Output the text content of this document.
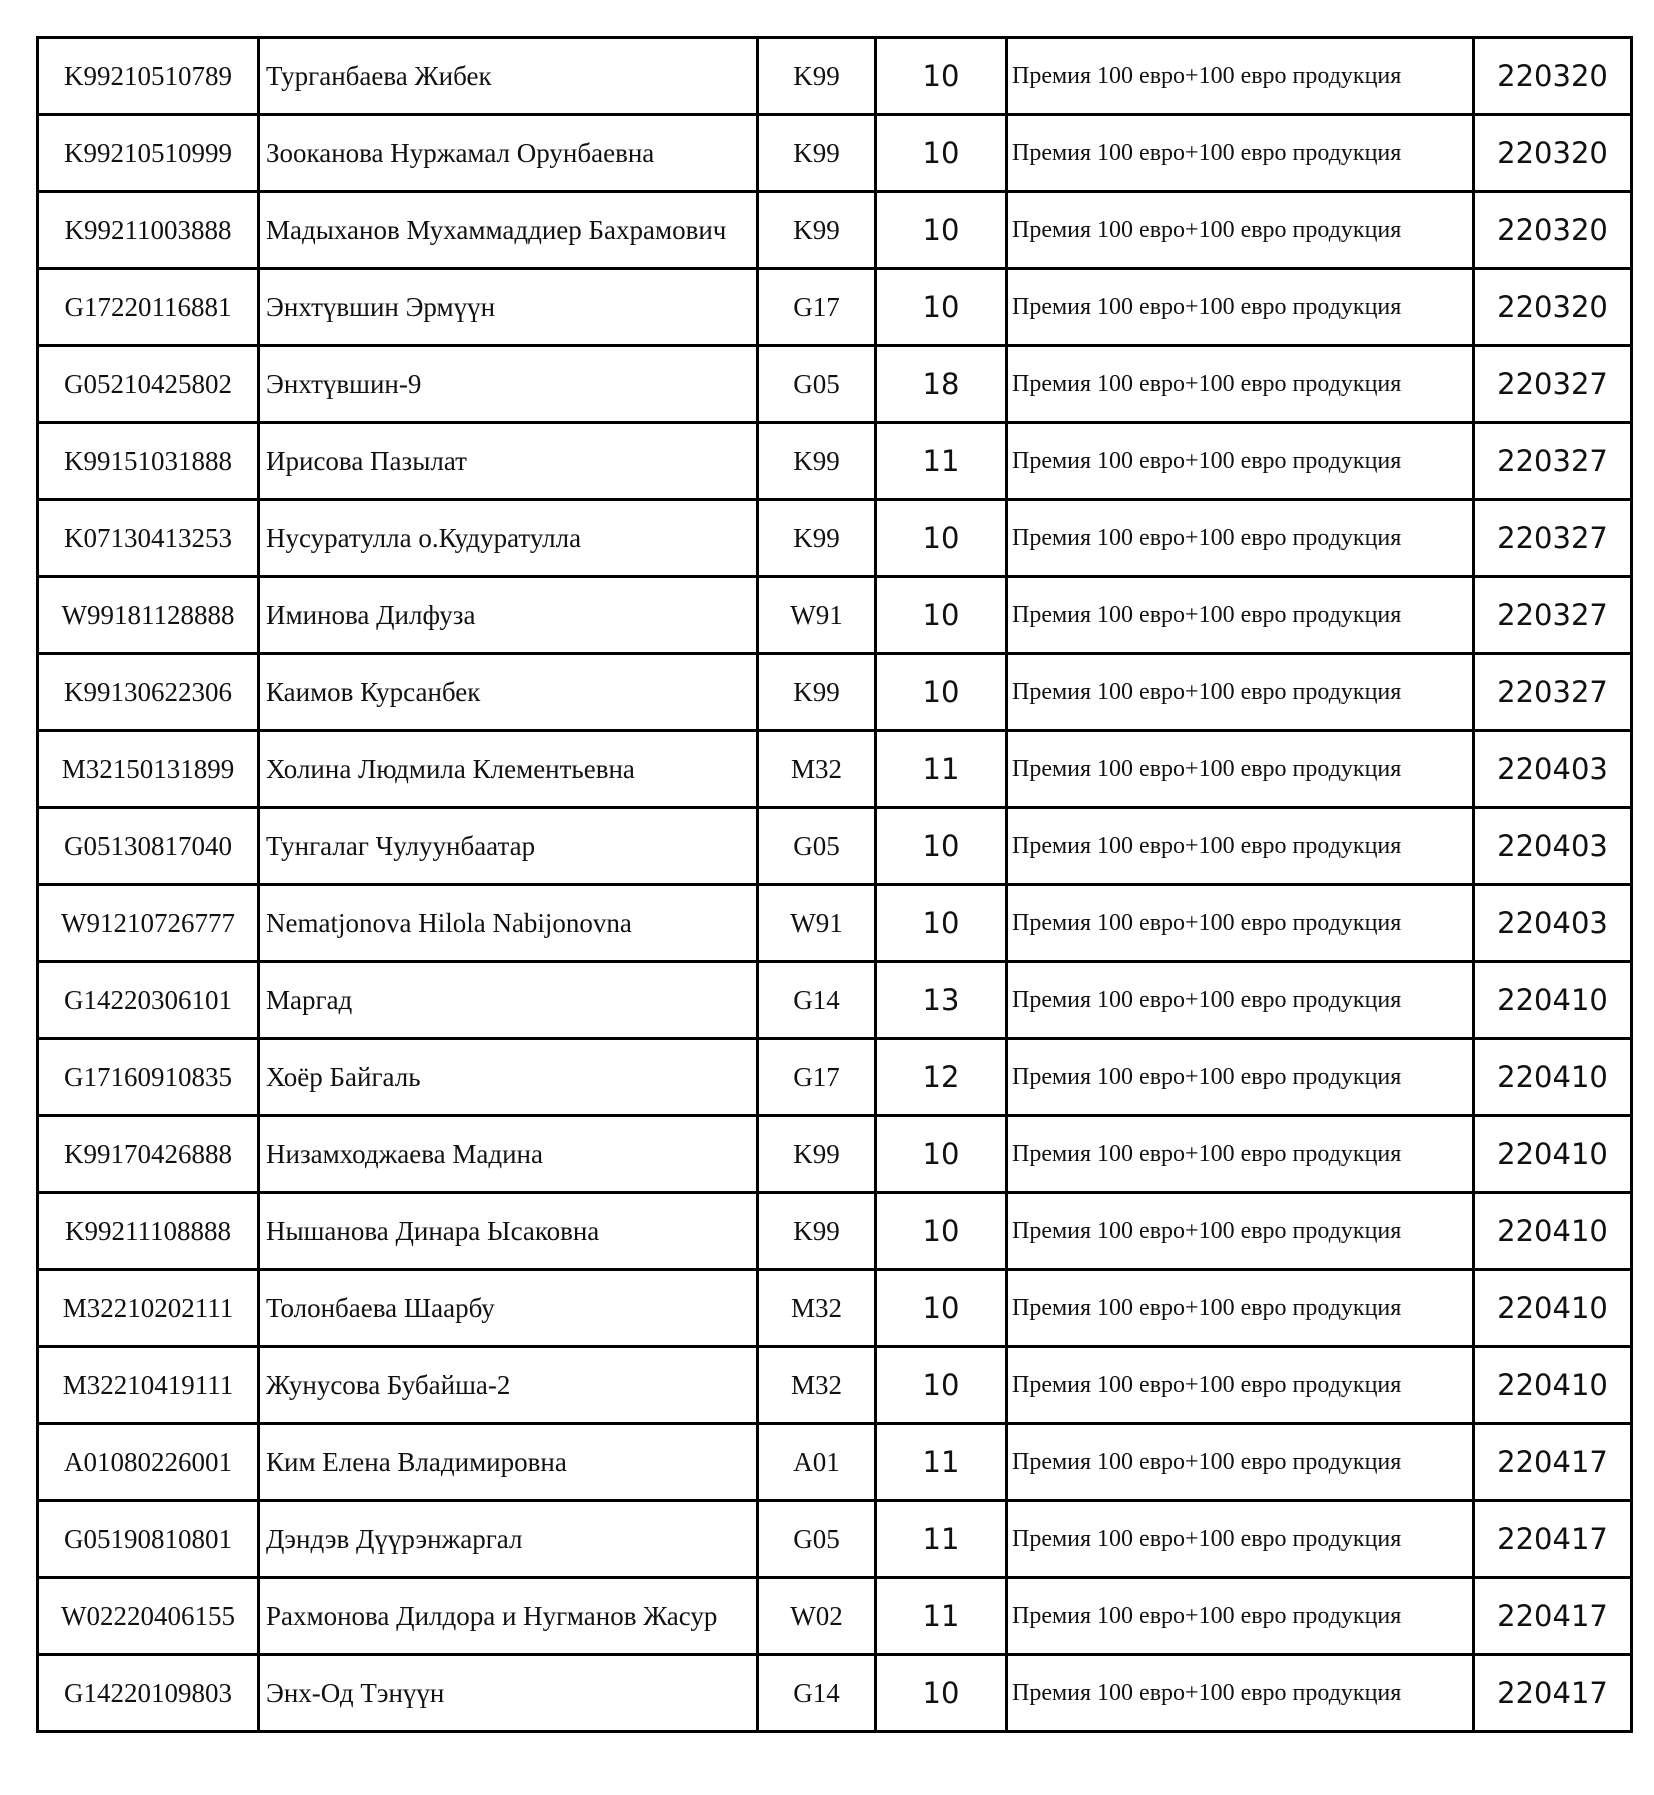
K99210510789	Турганбаева Жибек	K99	10	Премия 100 евро+100 евро продукция	220320
K99210510999	Зооканова Нуржамал Орунбаевна	K99	10	Премия 100 евро+100 евро продукция	220320
K99211003888	Мадыханов Мухаммаддиер Бахрамович	K99	10	Премия 100 евро+100 евро продукция	220320
G17220116881	Энхтүвшин Эрмүүн	G17	10	Премия 100 евро+100 евро продукция	220320
G05210425802	Энхтүвшин-9	G05	18	Премия 100 евро+100 евро продукция	220327
K99151031888	Ирисова Пазылат	K99	11	Премия 100 евро+100 евро продукция	220327
K07130413253	Нусуратулла о.Кудуратулла	K99	10	Премия 100 евро+100 евро продукция	220327
W99181128888	Иминова Дилфуза	W91	10	Премия 100 евро+100 евро продукция	220327
K99130622306	Каимов Курсанбек	K99	10	Премия 100 евро+100 евро продукция	220327
M32150131899	Холина Людмила Клементьевна	M32	11	Премия 100 евро+100 евро продукция	220403
G05130817040	Тунгалаг Чулуунбаатар	G05	10	Премия 100 евро+100 евро продукция	220403
W91210726777	Nematjonova Hilola Nabijonovna	W91	10	Премия 100 евро+100 евро продукция	220403
G14220306101	Маргад	G14	13	Премия 100 евро+100 евро продукция	220410
G17160910835	Хоёр Байгаль	G17	12	Премия 100 евро+100 евро продукция	220410
K99170426888	Низамходжаева Мадина	K99	10	Премия 100 евро+100 евро продукция	220410
K99211108888	Нышанова Динара Ысаковна	K99	10	Премия 100 евро+100 евро продукция	220410
M32210202111	Толонбаева Шаарбу	M32	10	Премия 100 евро+100 евро продукция	220410
M32210419111	Жунусова Бубайша-2	M32	10	Премия 100 евро+100 евро продукция	220410
A01080226001	Ким Елена Владимировна	A01	11	Премия 100 евро+100 евро продукция	220417
G05190810801	Дэндэв Дүүрэнжаргал	G05	11	Премия 100 евро+100 евро продукция	220417
W02220406155	Рахмонова Дилдора и Нугманов Жасур	W02	11	Премия 100 евро+100 евро продукция	220417
G14220109803	Энх-Од Тэнүүн	G14	10	Премия 100 евро+100 евро продукция	220417
